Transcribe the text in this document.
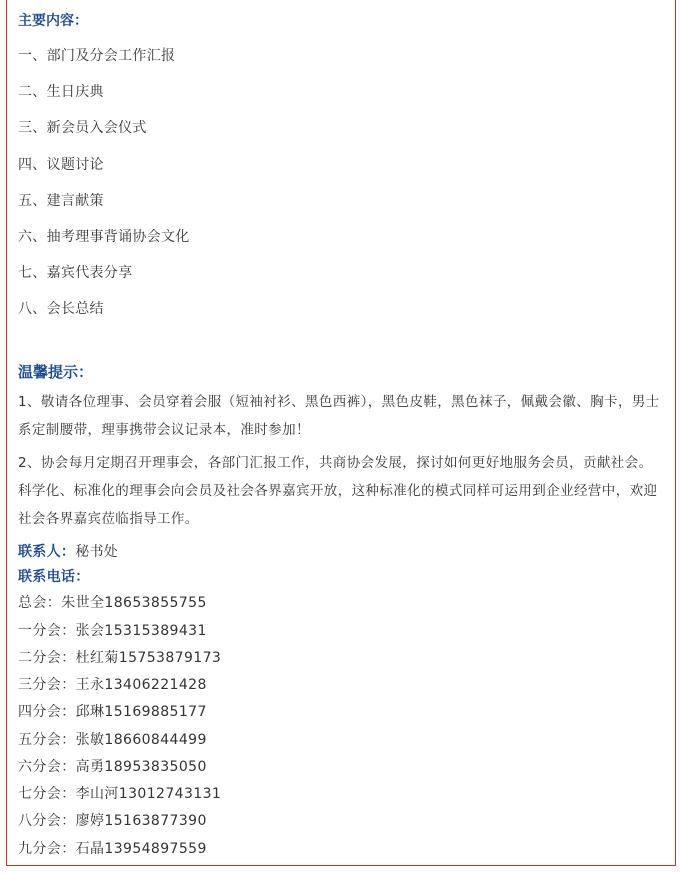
主要内容：
一、部门及分会工作汇报
二、生日庆典
三、新会员入会仪式
四、议题讨论
五、建言献策
六、抽考理事背诵协会文化
七、嘉宾代表分享
八、会长总结
温馨提示：
1、敬请各位理事、会员穿着会服（短袖衬衫、黑色西裤），黑色皮鞋，黑色袜子，佩戴会徽、胸卡，男士系定制腰带，理事携带会议记录本，准时参加！
2、协会每月定期召开理事会，各部门汇报工作，共商协会发展，探讨如何更好地服务会员，贡献社会。科学化、标准化的理事会向会员及社会各界嘉宾开放，这种标准化的模式同样可运用到企业经营中，欢迎社会各界嘉宾莅临指导工作。
联系人：秘书处
联系电话：
总会：朱世全18653855755
一分会：张会15315389431
二分会：杜红菊15753879173
三分会：王永13406221428
四分会：邱琳15169885177
五分会：张敏18660844499
六分会：高勇18953835050
七分会：李山河13012743131
八分会：廖婷15163877390
九分会：石晶13954897559
